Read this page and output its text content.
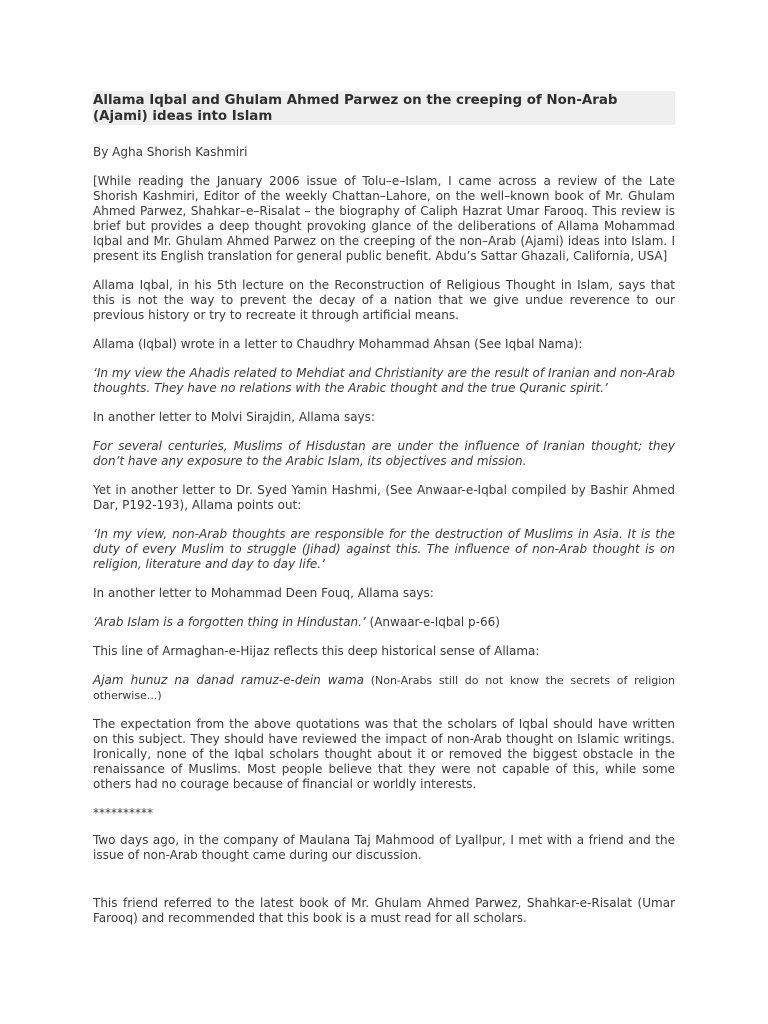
Allama Iqbal and Ghulam Ahmed Parwez on the creeping of Non-Arab (Ajami) ideas into Islam

By Agha Shorish Kashmiri

[While reading the January 2006 issue of Tolu–e–Islam, I came across a review of the Late Shorish Kashmiri, Editor of the weekly Chattan–Lahore, on the well–known book of Mr. Ghulam Ahmed Parwez, Shahkar–e–Risalat – the biography of Caliph Hazrat Umar Farooq. This review is brief but provides a deep thought provoking glance of the deliberations of Allama Mohammad Iqbal and Mr. Ghulam Ahmed Parwez on the creeping of the non–Arab (Ajami) ideas into Islam. I present its English translation for general public benefit. Abdu’s Sattar Ghazali, California, USA]

Allama Iqbal, in his 5th lecture on the Reconstruction of Religious Thought in Islam, says that this is not the way to prevent the decay of a nation that we give undue reverence to our previous history or try to recreate it through artificial means.

Allama (Iqbal) wrote in a letter to Chaudhry Mohammad Ahsan (See Iqbal Nama):

‘In my view the Ahadis related to Mehdiat and Christianity are the result of Iranian and non-Arab thoughts. They have no relations with the Arabic thought and the true Quranic spirit.’

In another letter to Molvi Sirajdin, Allama says:

For several centuries, Muslims of Hisdustan are under the influence of Iranian thought; they don’t have any exposure to the Arabic Islam, its objectives and mission.

Yet in another letter to Dr. Syed Yamin Hashmi, (See Anwaar-e-Iqbal compiled by Bashir Ahmed Dar, P192-193), Allama points out:

‘In my view, non-Arab thoughts are responsible for the destruction of Muslims in Asia. It is the duty of every Muslim to struggle (Jihad) against this. The influence of non-Arab thought is on religion, literature and day to day life.’

In another letter to Mohammad Deen Fouq, Allama says:

‘Arab Islam is a forgotten thing in Hindustan.’ (Anwaar-e-Iqbal p-66)

This line of Armaghan-e-Hijaz reflects this deep historical sense of Allama:

Ajam hunuz na danad ramuz-e-dein wama (Non-Arabs still do not know the secrets of religion otherwise...)

The expectation from the above quotations was that the scholars of Iqbal should have written on this subject. They should have reviewed the impact of non-Arab thought on Islamic writings. Ironically, none of the Iqbal scholars thought about it or removed the biggest obstacle in the renaissance of Muslims. Most people believe that they were not capable of this, while some others had no courage because of financial or worldly interests.

**********

Two days ago, in the company of Maulana Taj Mahmood of Lyallpur, I met with a friend and the issue of non-Arab thought came during our discussion.

This friend referred to the latest book of Mr. Ghulam Ahmed Parwez, Shahkar-e-Risalat (Umar Farooq) and recommended that this book is a must read for all scholars.
